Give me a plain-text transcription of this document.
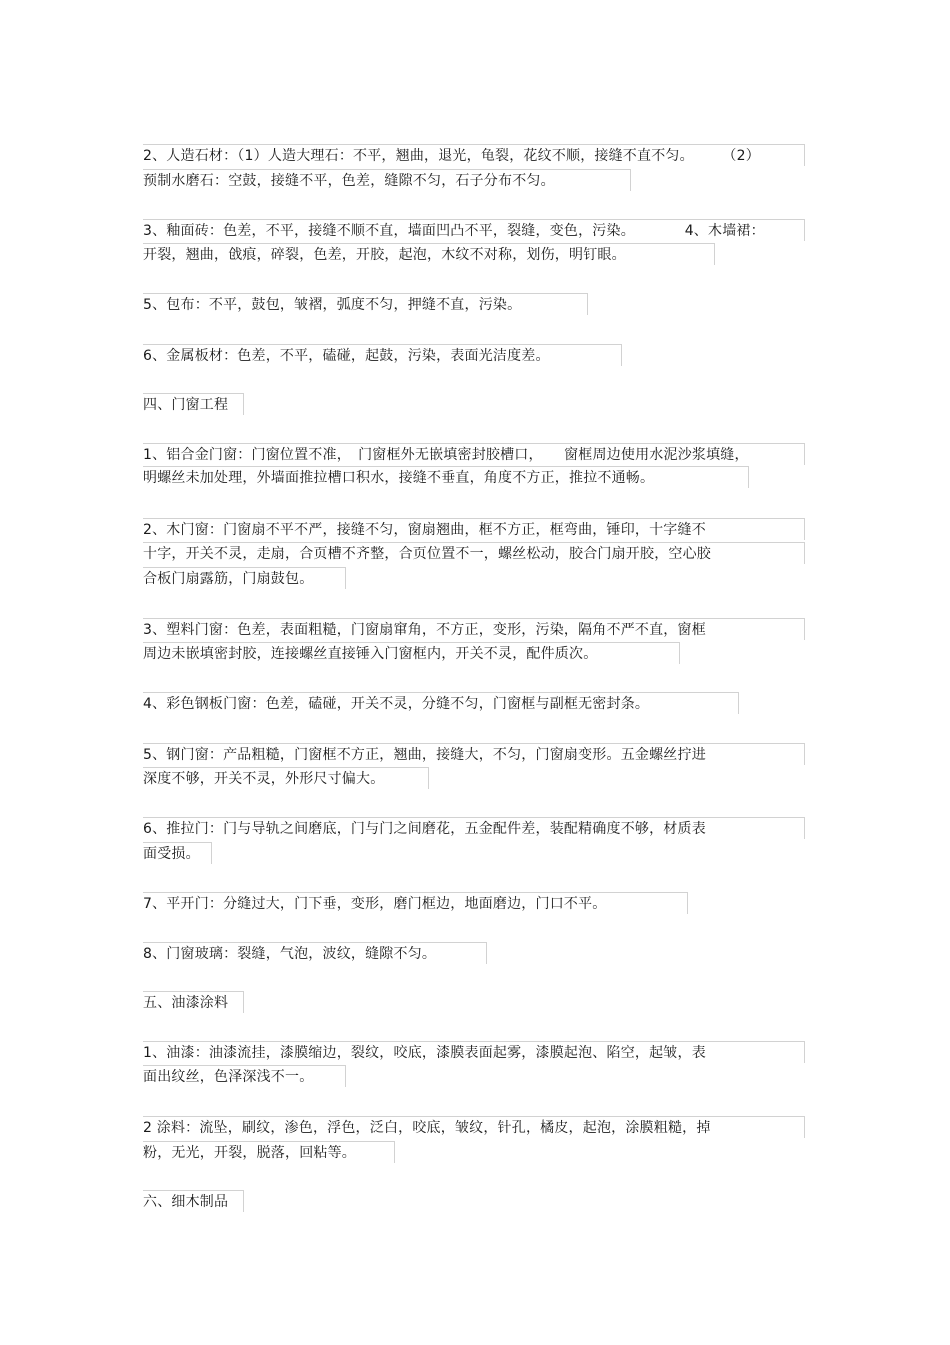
2、人造石材：（1）人造大理石：不平，翘曲，退光，龟裂，花纹不顺，接缝不直不匀。　　　（2）
预制水磨石：空鼓，接缝不平，色差，缝隙不匀，石子分布不匀。
3、釉面砖：色差，不平，接缝不顺不直，墙面凹凸不平，裂缝，变色，污染。　　　　4、木墙裙：
开裂，翘曲，戗痕，碎裂，色差，开胶，起泡，木纹不对称，划伤，明钉眼。
5、包布：不平，鼓包，皱褶，弧度不匀，押缝不直，污染。
6、金属板材：色差，不平，磕碰，起鼓，污染，表面光洁度差。
四、门窗工程
1、铝合金门窗：门窗位置不准，　门窗框外无嵌填密封胶槽口，　　窗框周边使用水泥沙浆填缝，
明螺丝未加处理，外墙面推拉槽口积水，接缝不垂直，角度不方正，推拉不通畅。
2、木门窗：门窗扇不平不严，接缝不匀，窗扇翘曲，框不方正，框弯曲，锤印，十字缝不
十字，开关不灵，走扇，合页槽不齐整，合页位置不一，螺丝松动，胶合门扇开胶，空心胶
合板门扇露筋，门扇鼓包。
3、塑料门窗：色差，表面粗糙，门窗扇窜角，不方正，变形，污染，隔角不严不直，窗框
周边未嵌填密封胶，连接螺丝直接锤入门窗框内，开关不灵，配件质次。
4、彩色钢板门窗：色差，磕碰，开关不灵，分缝不匀，门窗框与副框无密封条。
5、钢门窗：产品粗糙，门窗框不方正，翘曲，接缝大，不匀，门窗扇变形。五金螺丝拧进
深度不够，开关不灵，外形尺寸偏大。
6、推拉门：门与导轨之间磨底，门与门之间磨花，五金配件差，装配精确度不够，材质表
面受损。
7、平开门：分缝过大，门下垂，变形，磨门框边，地面磨边，门口不平。
8、门窗玻璃：裂缝，气泡，波纹，缝隙不匀。
五、油漆涂料
1、油漆：油漆流挂，漆膜缩边，裂纹，咬底，漆膜表面起雾，漆膜起泡、陷空，起皱，表
面出纹丝，色泽深浅不一。
2 涂料：流坠，刷纹，渗色，浮色，泛白，咬底，皱纹，针孔，橘皮，起泡，涂膜粗糙，掉
粉，无光，开裂，脱落，回粘等。
六、细木制品
